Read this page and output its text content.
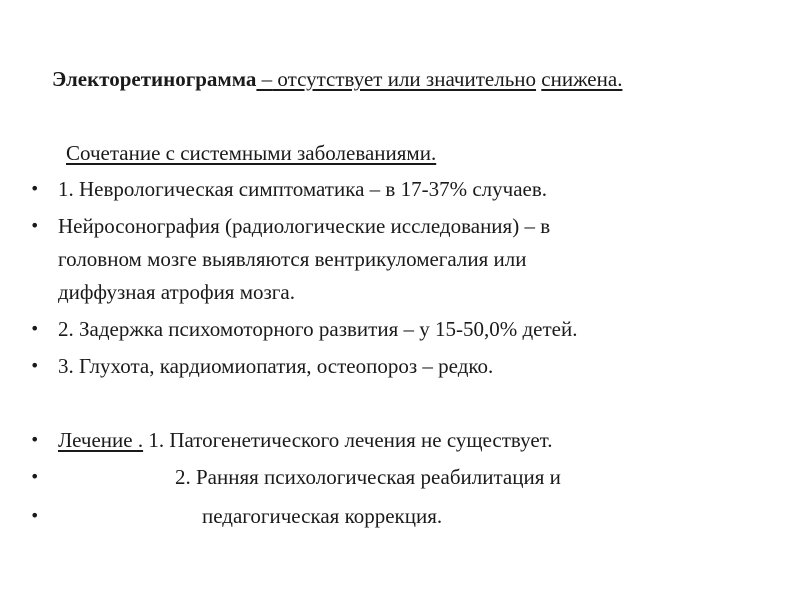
Электоретинограмма – отсутствует или значительно снижена.
Сочетание с системными заболеваниями.
• 1. Неврологическая симптоматика – в 17-37% случаев.
• Нейросонография (радиологические исследования) – в
головном мозге выявляются вентрикуломегалия или
диффузная атрофия мозга.
• 2. Задержка психомоторного развития – у 15-50,0% детей.
• 3. Глухота, кардиомиопатия, остеопороз – редко.
• Лечение . 1. Патогенетического лечения не существует.
•	2. Ранняя психологическая реабилитация и
•	педагогическая коррекция.
